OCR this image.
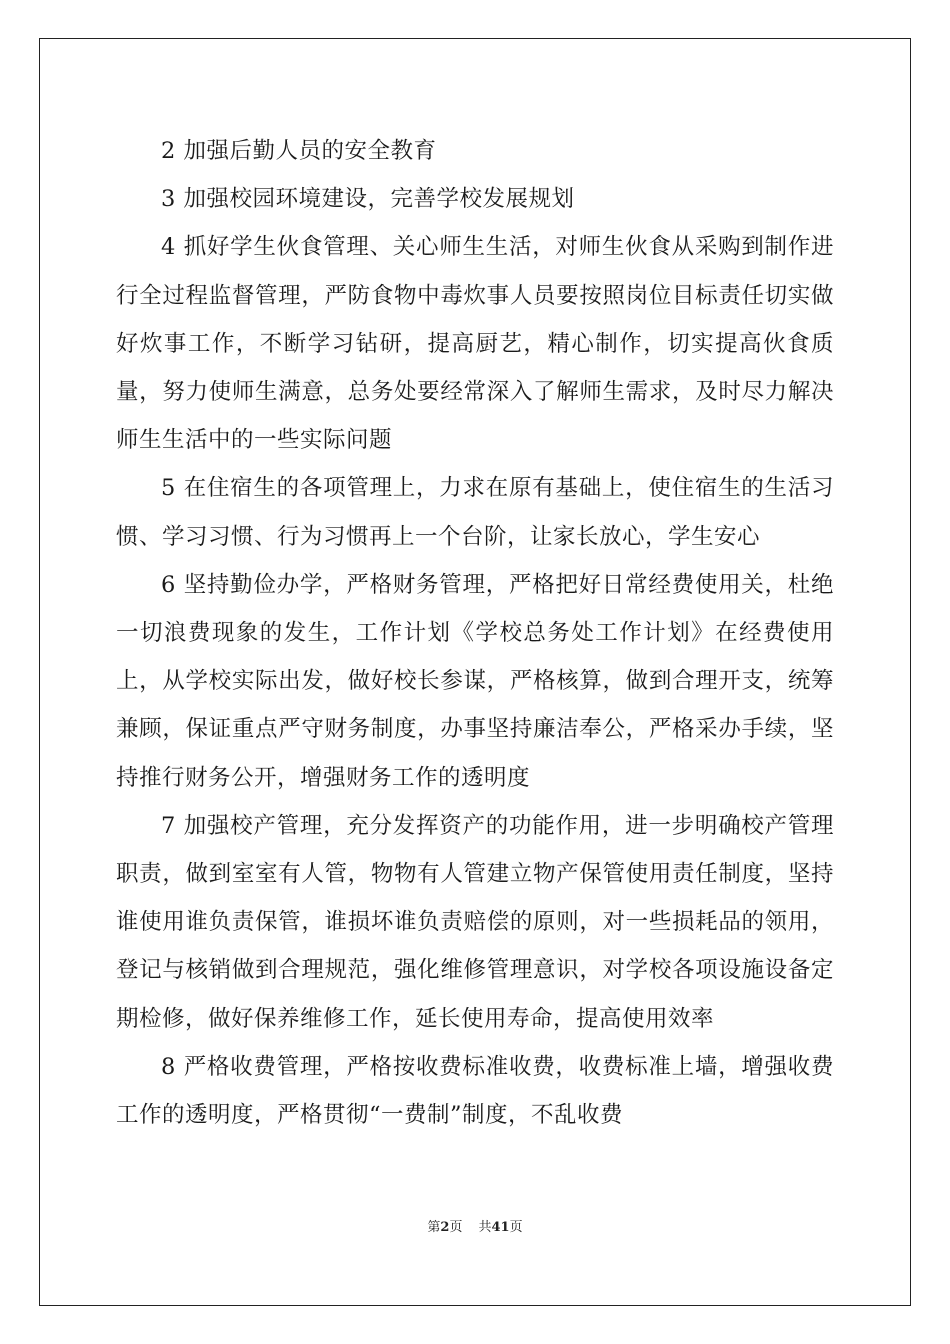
2 加强后勤人员的安全教育

3 加强校园环境建设，完善学校发展规划

4 抓好学生伙食管理、关心师生生活，对师生伙食从采购到制作进行全过程监督管理，严防食物中毒炊事人员要按照岗位目标责任切实做好炊事工作，不断学习钻研，提高厨艺，精心制作，切实提高伙食质量，努力使师生满意，总务处要经常深入了解师生需求，及时尽力解决师生生活中的一些实际问题

5 在住宿生的各项管理上，力求在原有基础上，使住宿生的生活习惯、学习习惯、行为习惯再上一个台阶，让家长放心，学生安心

6 坚持勤俭办学，严格财务管理，严格把好日常经费使用关，杜绝一切浪费现象的发生，工作计划《学校总务处工作计划》在经费使用上，从学校实际出发，做好校长参谋，严格核算，做到合理开支，统筹兼顾，保证重点严守财务制度，办事坚持廉洁奉公，严格采办手续，坚持推行财务公开，增强财务工作的透明度

7 加强校产管理，充分发挥资产的功能作用，进一步明确校产管理职责，做到室室有人管，物物有人管建立物产保管使用责任制度，坚持谁使用谁负责保管，谁损坏谁负责赔偿的原则，对一些损耗品的领用，登记与核销做到合理规范，强化维修管理意识，对学校各项设施设备定期检修，做好保养维修工作，延长使用寿命，提高使用效率

8 严格收费管理，严格按收费标准收费，收费标准上墙，增强收费工作的透明度，严格贯彻“一费制”制度，不乱收费

第2页 共41页
